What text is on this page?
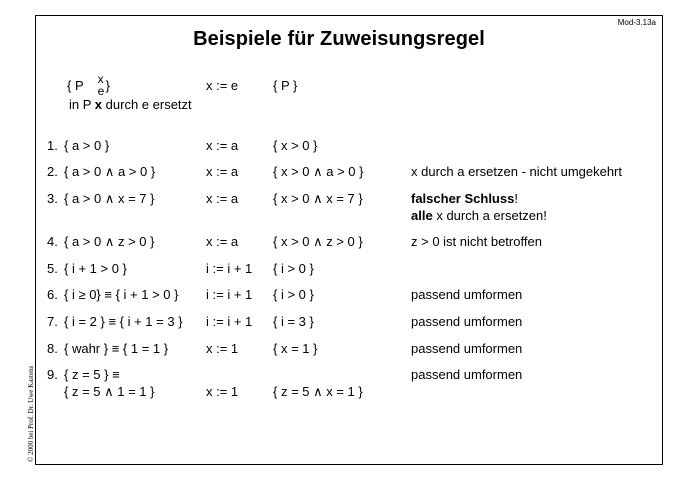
Mod-3.13a
Beispiele für Zuweisungsregel
© 2000 bei Prof. Dr. Uwe Kastens
{ P x
e }	x := e	{ P }
in P x durch e ersetzt
1. { a > 0 }	x := a	{ x > 0 }
2. { a > 0 ∧ a > 0 }	x := a	{ x > 0 ∧ a > 0 }	x durch a ersetzen - nicht umgekehrt
3. { a > 0 ∧ x = 7 }	x := a	{ x > 0 ∧ x = 7 }	falscher Schluss!
alle x durch a ersetzen!
4. { a > 0 ∧ z > 0 }	x := a	{ x > 0 ∧ z > 0 }	z > 0 ist nicht betroffen
5. { i + 1 > 0 }	i := i + 1 { i > 0 }
6. { i ≥ 0} ≡ { i + 1 > 0 } i := i + 1 { i > 0 }	passend umformen
7. { i = 2 } ≡ { i + 1 = 3 } i := i + 1 { i = 3 }	passend umformen
8. { wahr } ≡ { 1 = 1 }	x := 1	{ x = 1 }	passend umformen
9. { z = 5 } ≡	passend umformen
{ z = 5 ∧ 1 = 1 }	x := 1	{ z = 5 ∧ x = 1 }
